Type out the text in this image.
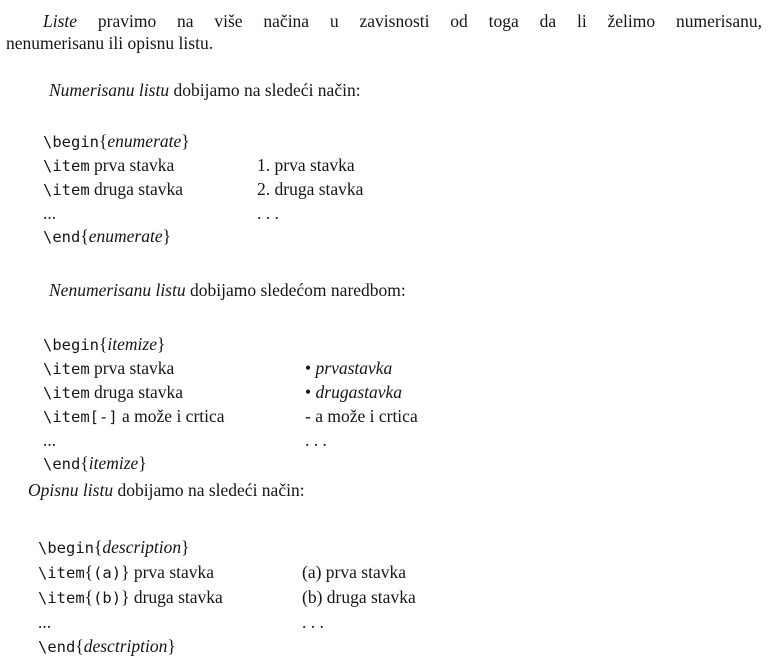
Liste pravimo na više načina u zavisnosti od toga da li želimo numerisanu,
nenumerisanu ili opisnu listu.
Numerisanu listu dobijamo na sledeći način:
\begin{enumerate}
\item prva stavka	1. prva stavka
\item druga stavka	2. druga stavka
...	. . .
\end{enumerate}
Nenumerisanu listu dobijamo sledećom naredbom:
\begin{itemize}
\item prva stavka	• prvastavka
\item druga stavka	• drugastavka
\item[-] a može i crtica	- a može i crtica
...	. . .
\end{itemize}
Opisnu listu dobijamo na sledeći način:
\begin{description}
\item{(a)} prva stavka	(a) prva stavka
\item{(b)} druga stavka	(b) druga stavka
...	. . .
\end{desctription}
